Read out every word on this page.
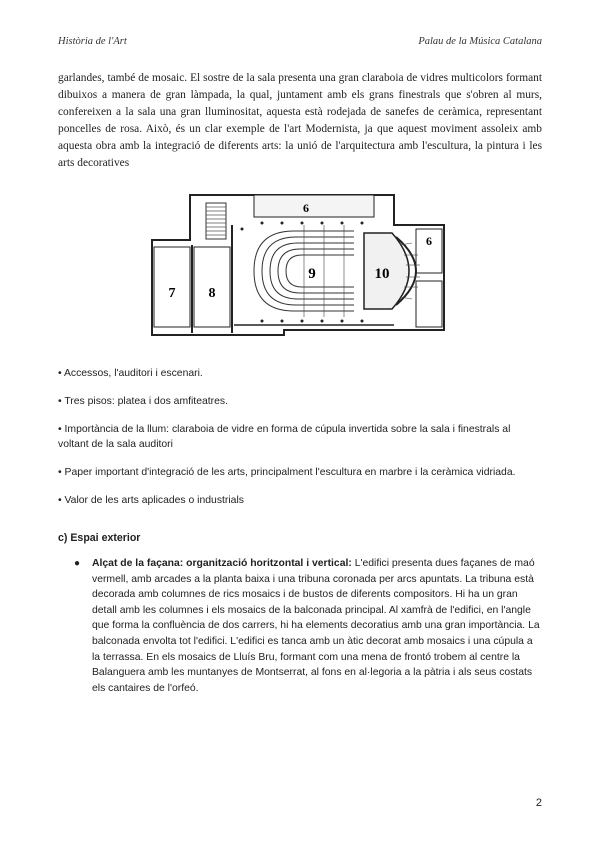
Història de l'Art	Palau de la Música Catalana
garlandes, també de mosaic. El sostre de la sala presenta una gran claraboia de vidres multicolors formant dibuixos a manera de gran làmpada, la qual, juntament amb els grans finestrals que s'obren al murs, confereixen a la sala una gran lluminositat, aquesta està rodejada de sanefes de ceràmica, representant poncelles de rosa. Això, és un clar exemple de l'art Modernista, ja que aquest moviment assoleix amb aquesta obra amb la integració de diferents arts: la unió de l'arquitectura amb l'escultura, la pintura i les arts decoratives
6
6
7 8
9	10

• Accessos, l'auditori i escenari.

• Tres pisos: platea i dos amfiteatres.

• Importància de la llum: claraboia de vidre en forma de cúpula invertida sobre la sala i finestrals al voltant de la sala auditori

• Paper important d'integració de les arts, principalment l'escultura en marbre i la ceràmica vidriada.

• Valor de les arts aplicades o industrials

c) Espai exterior
● Alçat de la façana: organització horitzontal i vertical: L'edifici presenta dues façanes de maó vermell, amb arcades a la planta baixa i una tribuna coronada per arcs apuntats. La tribuna està decorada amb columnes de rics mosaics i de bustos de diferents compositors. Hi ha un gran detall amb les columnes i els mosaics de la balconada principal. Al xamfrà de l'edifici, en l'angle que forma la confluència de dos carrers, hi ha elements decoratius amb una gran importància. La balconada envolta tot l'edifici. L'edifici es tanca amb un àtic decorat amb mosaics i una cúpula a la terrassa. En els mosaics de Lluís Bru, formant com una mena de frontó trobem al centre la Balanguera amb les muntanyes de Montserrat, al fons en al·legoria a la pàtria i als seus costats els cantaires de l'orfeó.
2
